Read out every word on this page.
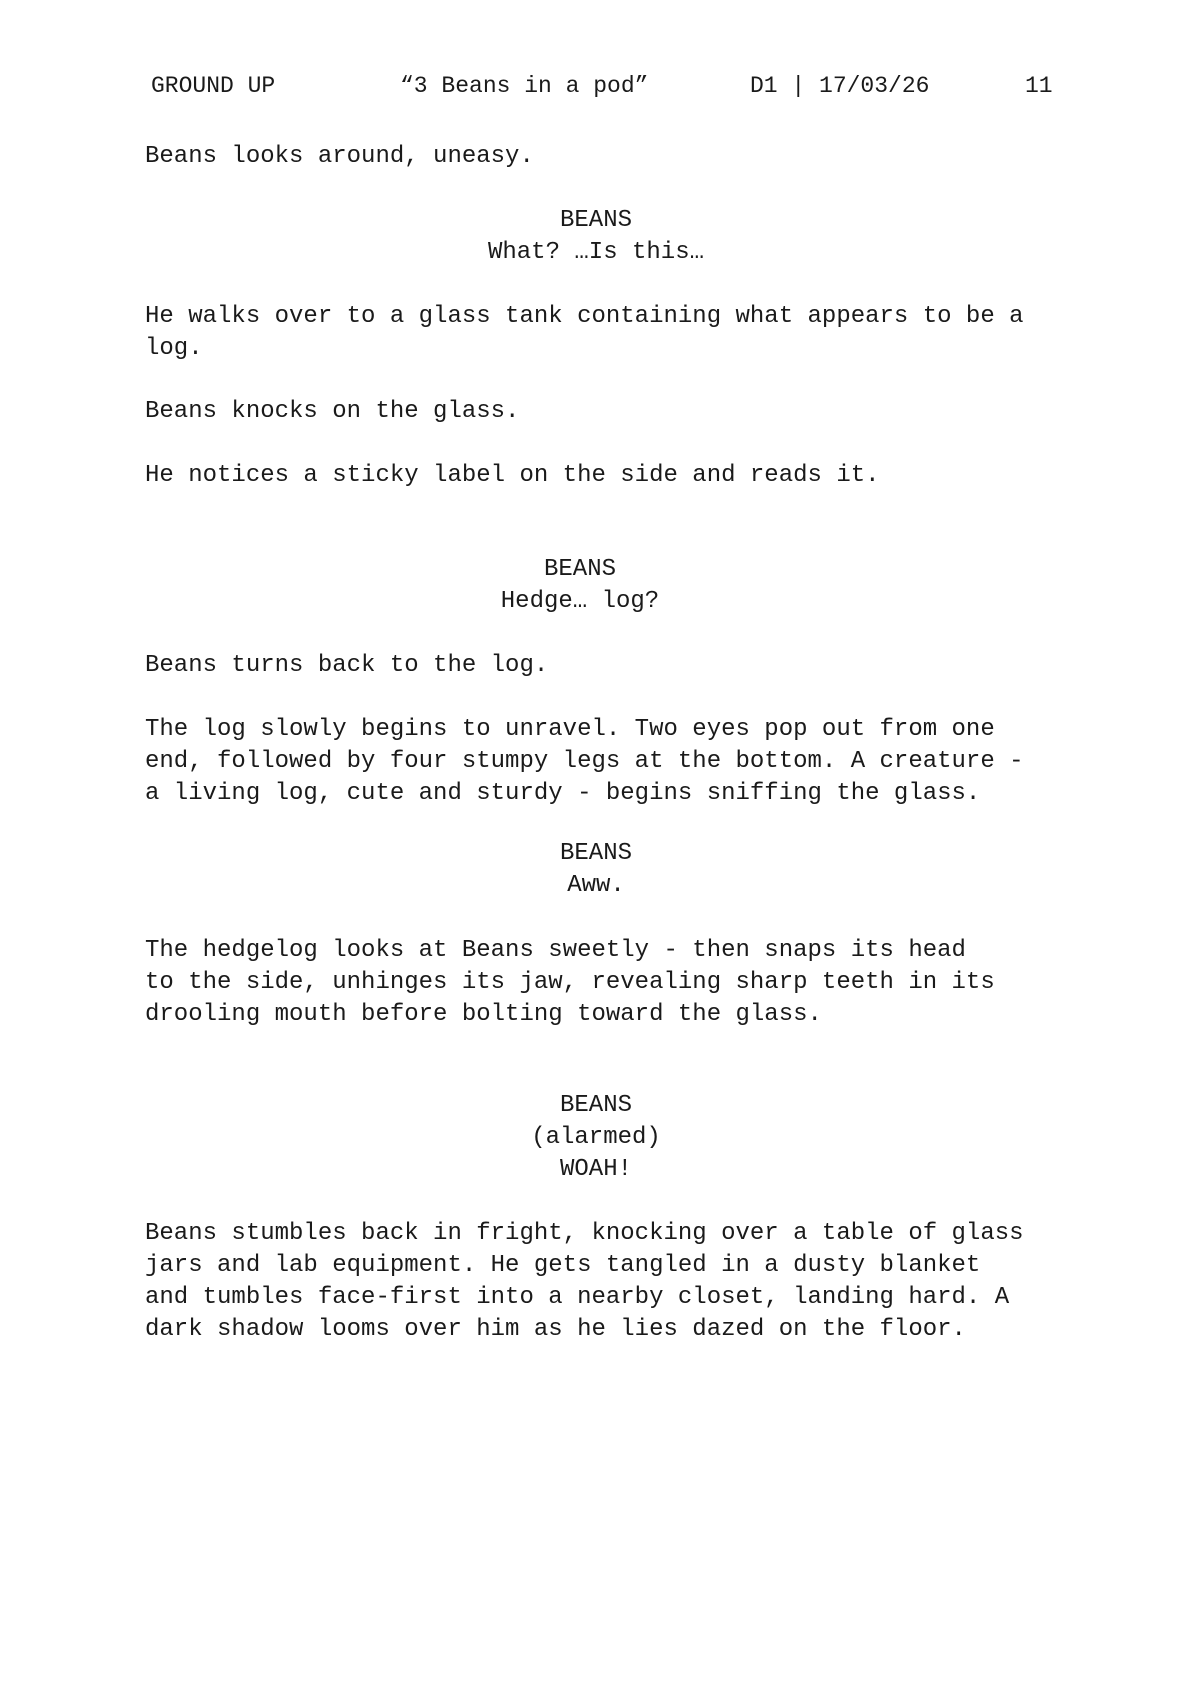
GROUND UP	“3 Beans in a pod”	D1 | 17/03/26	11
Beans looks around, uneasy.
BEANS
What? …Is this…
He walks over to a glass tank containing what appears to be a
log.
Beans knocks on the glass.
He notices a sticky label on the side and reads it.
BEANS
Hedge… log?
Beans turns back to the log.
The log slowly begins to unravel. Two eyes pop out from one
end, followed by four stumpy legs at the bottom. A creature -
a living log, cute and sturdy - begins sniffing the glass.
BEANS
Aww.
The hedgelog looks at Beans sweetly - then snaps its head
to the side, unhinges its jaw, revealing sharp teeth in its
drooling mouth before bolting toward the glass.
BEANS
(alarmed)
WOAH!
Beans stumbles back in fright, knocking over a table of glass
jars and lab equipment. He gets tangled in a dusty blanket
and tumbles face-first into a nearby closet, landing hard. A
dark shadow looms over him as he lies dazed on the floor.
